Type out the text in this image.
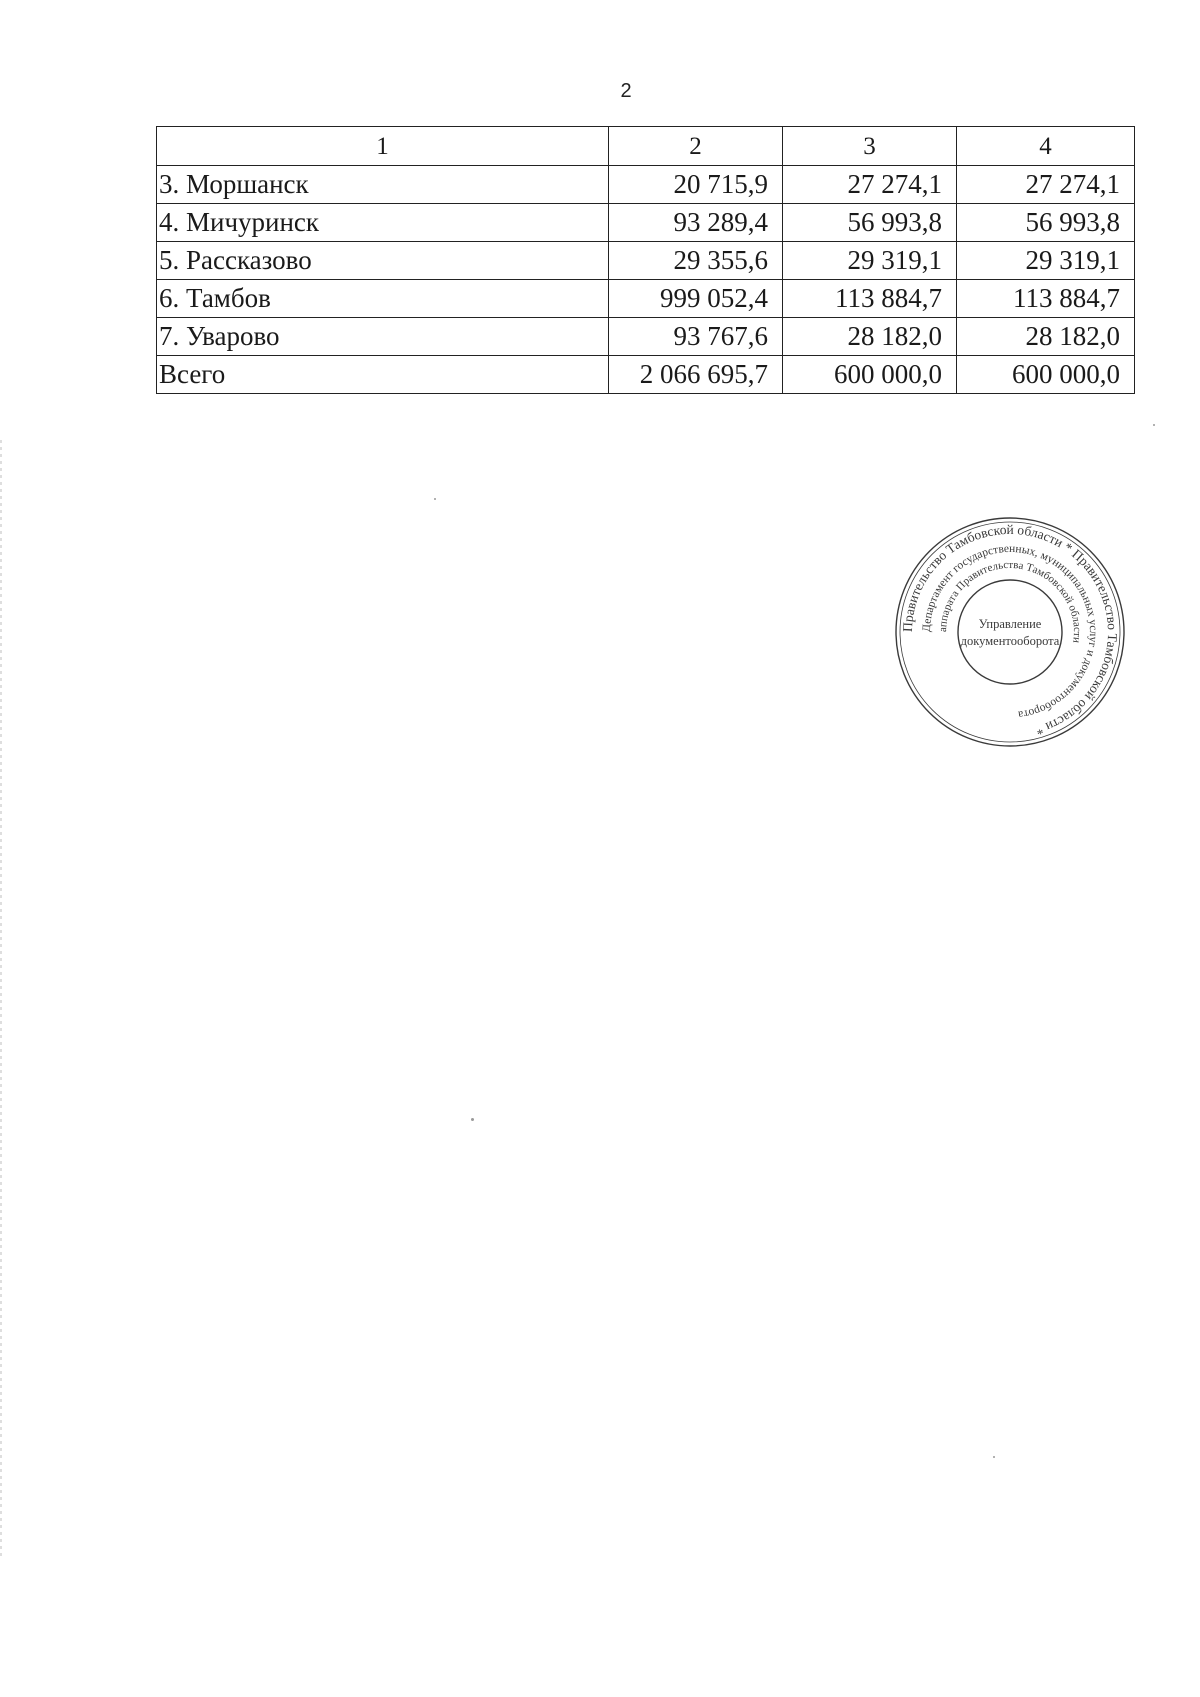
2
1	2	3	4
3. Моршанск	20 715,9	27 274,1	27 274,1
4. Мичуринск	93 289,4	56 993,8	56 993,8
5. Рассказово	29 355,6	29 319,1	29 319,1
6. Тамбов	999 052,4	113 884,7	113 884,7
7. Уварово	93 767,6	28 182,0	28 182,0
Всего	2 066 695,7	600 000,0	600 000,0
Правительство Тамбовской области * Правительство Тамбовской области *
Департамент государственных, муниципальных услуг и документооборота
аппарата Правительства Тамбовской области
Управление
документооборота
